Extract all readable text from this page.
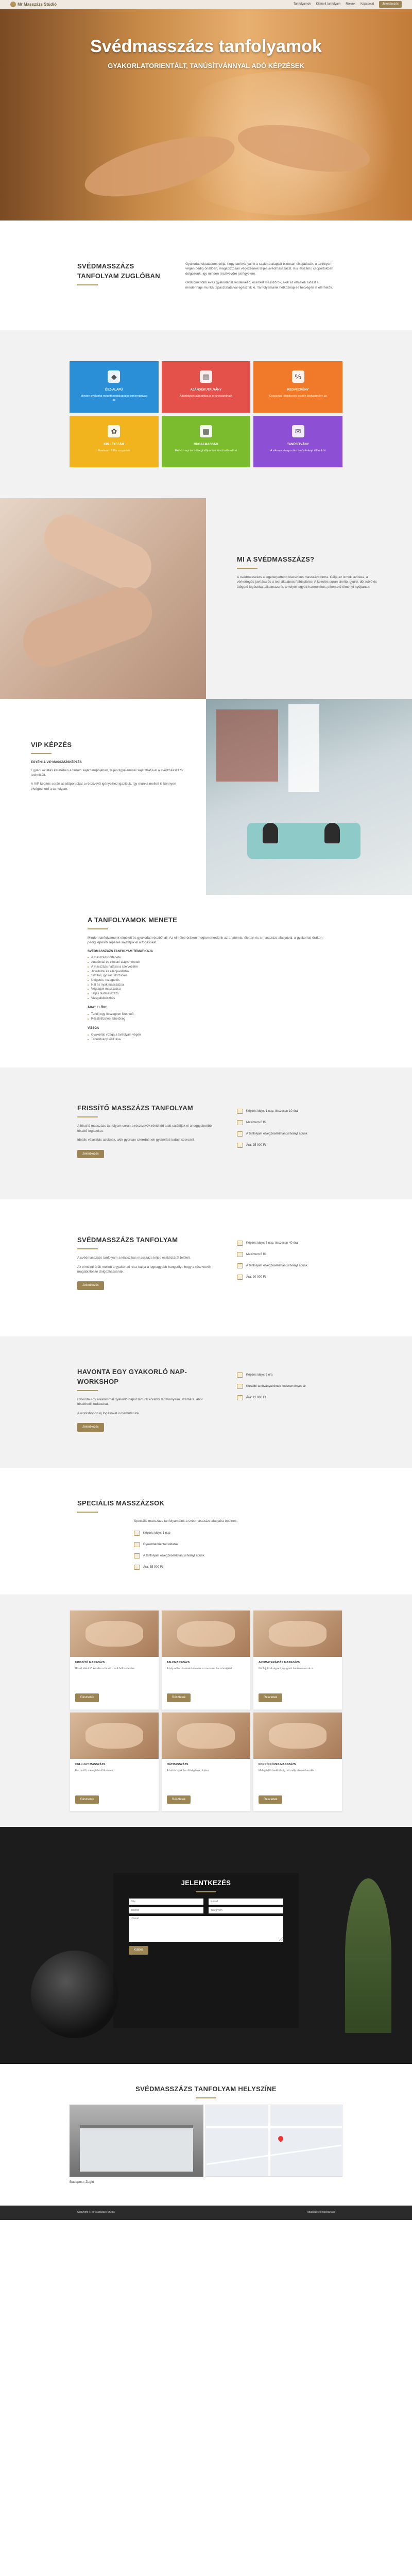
Mr Masszázs Stúdió	Tanfolyamok Kiemelt tanfolyam Rólunk Kapcsolat	Jelentkezés
Svédmasszázs tanfolyamok
GYAKORLATORIENTÁLT, TANÚSÍTVÁNNYAL ADÓ KÉPZÉSEK
SVÉDMASSZÁZS TANFOLYAM ZUGLÓBAN

Gyakorlati oktatásunk célja, hogy tanítványaink a szakma alapjait biztosan elsajátítsák, a tanfolyam végén pedig önállóan, magabiztosan végezzenek teljes svédmasszázst. Kis létszámú csoportokban dolgozunk, így minden résztvevőre jut figyelem.

Oktatóink több éves gyakorlattal rendelkező, elismert masszőrök, akik az elméleti tudást a mindennapi munka tapasztalataival egészítik ki. Tanfolyamaink hétköznap és hétvégén is elérhetők.

◆
ÉSZ-ALAPÚ
Minden gyakorlat mögött megalapozott ismeretanyag áll
▦
AJÁNDÉKUTALVÁNY
A tanfolyam ajándékba is megvásárolható
%
KEDVEZMÉNY
Csoportos jelentkezés esetén kedvezmény jár
✿
KIS LÉTSZÁM
Maximum 6 fős csoportok
▤
RUGALMASSÁG
Hétköznapi és hétvégi időpontok közül választhat
✉
TANÚSÍTVÁNY
A sikeres vizsga után tanúsítványt állítunk ki
MI A SVÉDMASSZÁZS?

A svédmasszázs a legelterjedtebb klasszikus masszázsforma. Célja az izmok lazítása, a vérkeringés javítása és a test általános felfrissítése. A kezelés során simító, gyúró, dörzsölő és ütögető fogásokat alkalmazunk, amelyek együtt harmonikus, pihentető élményt nyújtanak.

VIP KÉPZÉS
EGYÉNI & VIP MASSZÁZSKÉPZÉS

Egyéni oktatás keretében a tanuló saját tempójában, teljes figyelemmel sajátíthatja el a svédmasszázs technikáit.

A VIP képzés során az időpontokat a résztvevő igényeihez igazítjuk, így munka mellett is könnyen elvégezhető a tanfolyam.

A TANFOLYAMOK MENETE

Minden tanfolyamunk elméleti és gyakorlati részből áll. Az elméleti órákon megismerkedünk az anatómia, élettan és a masszázs alapjaival, a gyakorlati órákon pedig lépésről lépésre sajátítjuk el a fogásokat.

SVÉDMASSZÁZS TANFOLYAM TEMATIKÁJA
■ A masszázs története
■ Anatómiai és élettani alapismeretek
■ A masszázs hatásai a szervezetre
■ Javallatok és ellenjavallatok
■ Simítás, gyúrás, dörzsölés
■ Ütögetés, rezegtetés
■ Hát és nyak masszázsa
■ Végtagok masszázsa
■ Teljes testmasszázs
■ Vizsgafelkészítés
ÁRAT ELŐRE
■ Tandíj egy összegben fizethető
■ Részletfizetési lehetőség
VIZSGA
■ Gyakorlati vizsga a tanfolyam végén
■ Tanúsítvány kiállítása
FRISSÍTŐ MASSZÁZS TANFOLYAM

A frissítő masszázs tanfolyam során a résztvevők rövid idő alatt sajátítják el a leggyakoribb frissítő fogásokat.

Ideális választás azoknak, akik gyorsan szeretnének gyakorlati tudást szerezni.

Jelentkezés
Képzés ideje: 1 nap, összesen 10 óra
Maximum 6 fő
A tanfolyam elvégzéséről tanúsítványt adunk
Ára: 25 000 Ft
SVÉDMASSZÁZS TANFOLYAM

A svédmasszázs tanfolyam a klasszikus masszázs teljes eszköztárát felöleli.

Az elméleti órák mellett a gyakorlati rész kapja a legnagyobb hangsúlyt, hogy a résztvevők magabiztosan dolgozhassanak.

Jelentkezés
Képzés ideje: 5 nap, összesen 40 óra
Maximum 6 fő
A tanfolyam elvégzéséről tanúsítványt adunk
Ára: 90 000 Ft
HAVONTA EGY GYAKORLÓ NAP- WORKSHOP

Havonta egy alkalommal gyakorló napot tartunk korábbi tanítványaink számára, ahol frissíthetik tudásukat.

A workshopon új fogásokat is bemutatunk.

Jelentkezés
Képzés ideje: 5 óra
Korábbi tanítványainknak kedvezményes ár
Ára: 12 000 Ft
SPECIÁLIS MASSZÁZSOK

Speciális masszázs tanfolyamaink a svédmasszázs alapjaira épülnek.

Képzés ideje: 1 nap
Gyakorlatorientált oktatás
A tanfolyam elvégzéséről tanúsítványt adunk
Ára: 35 000 Ft
FRISSÍTŐ MASSZÁZS
Rövid, élénkítő kezelés a fáradt izmok felfrissítésére.
Részletek
TALPMASSZÁZS
A talp reflexzónáinak kezelése a szervezet harmóniájáért.
Részletek
AROMATERÁPIÁS MASSZÁZS
Illóolajokkal végzett, nyugtató hatású masszázs.
Részletek
CELLULIT MASSZÁZS
Feszesítő, méregtelenítő kezelés.
Részletek
HÁTMASSZÁZS
A hát és nyak feszültségének oldása.
Részletek
FORRÓ KÖVES MASSZÁZS
Melegített kövekkel végzett mélyrelaxáló kezelés.
Részletek
JELENTKEZÉS
Név
E-mail
Telefon
Tanfolyam
Üzenet
Küldés
SVÉDMASSZÁZS TANFOLYAM HELYSZÍNE

Budapest, Zugló

Copyright © Mr Masszázs Stúdió	Adatkezelési tájékoztató
